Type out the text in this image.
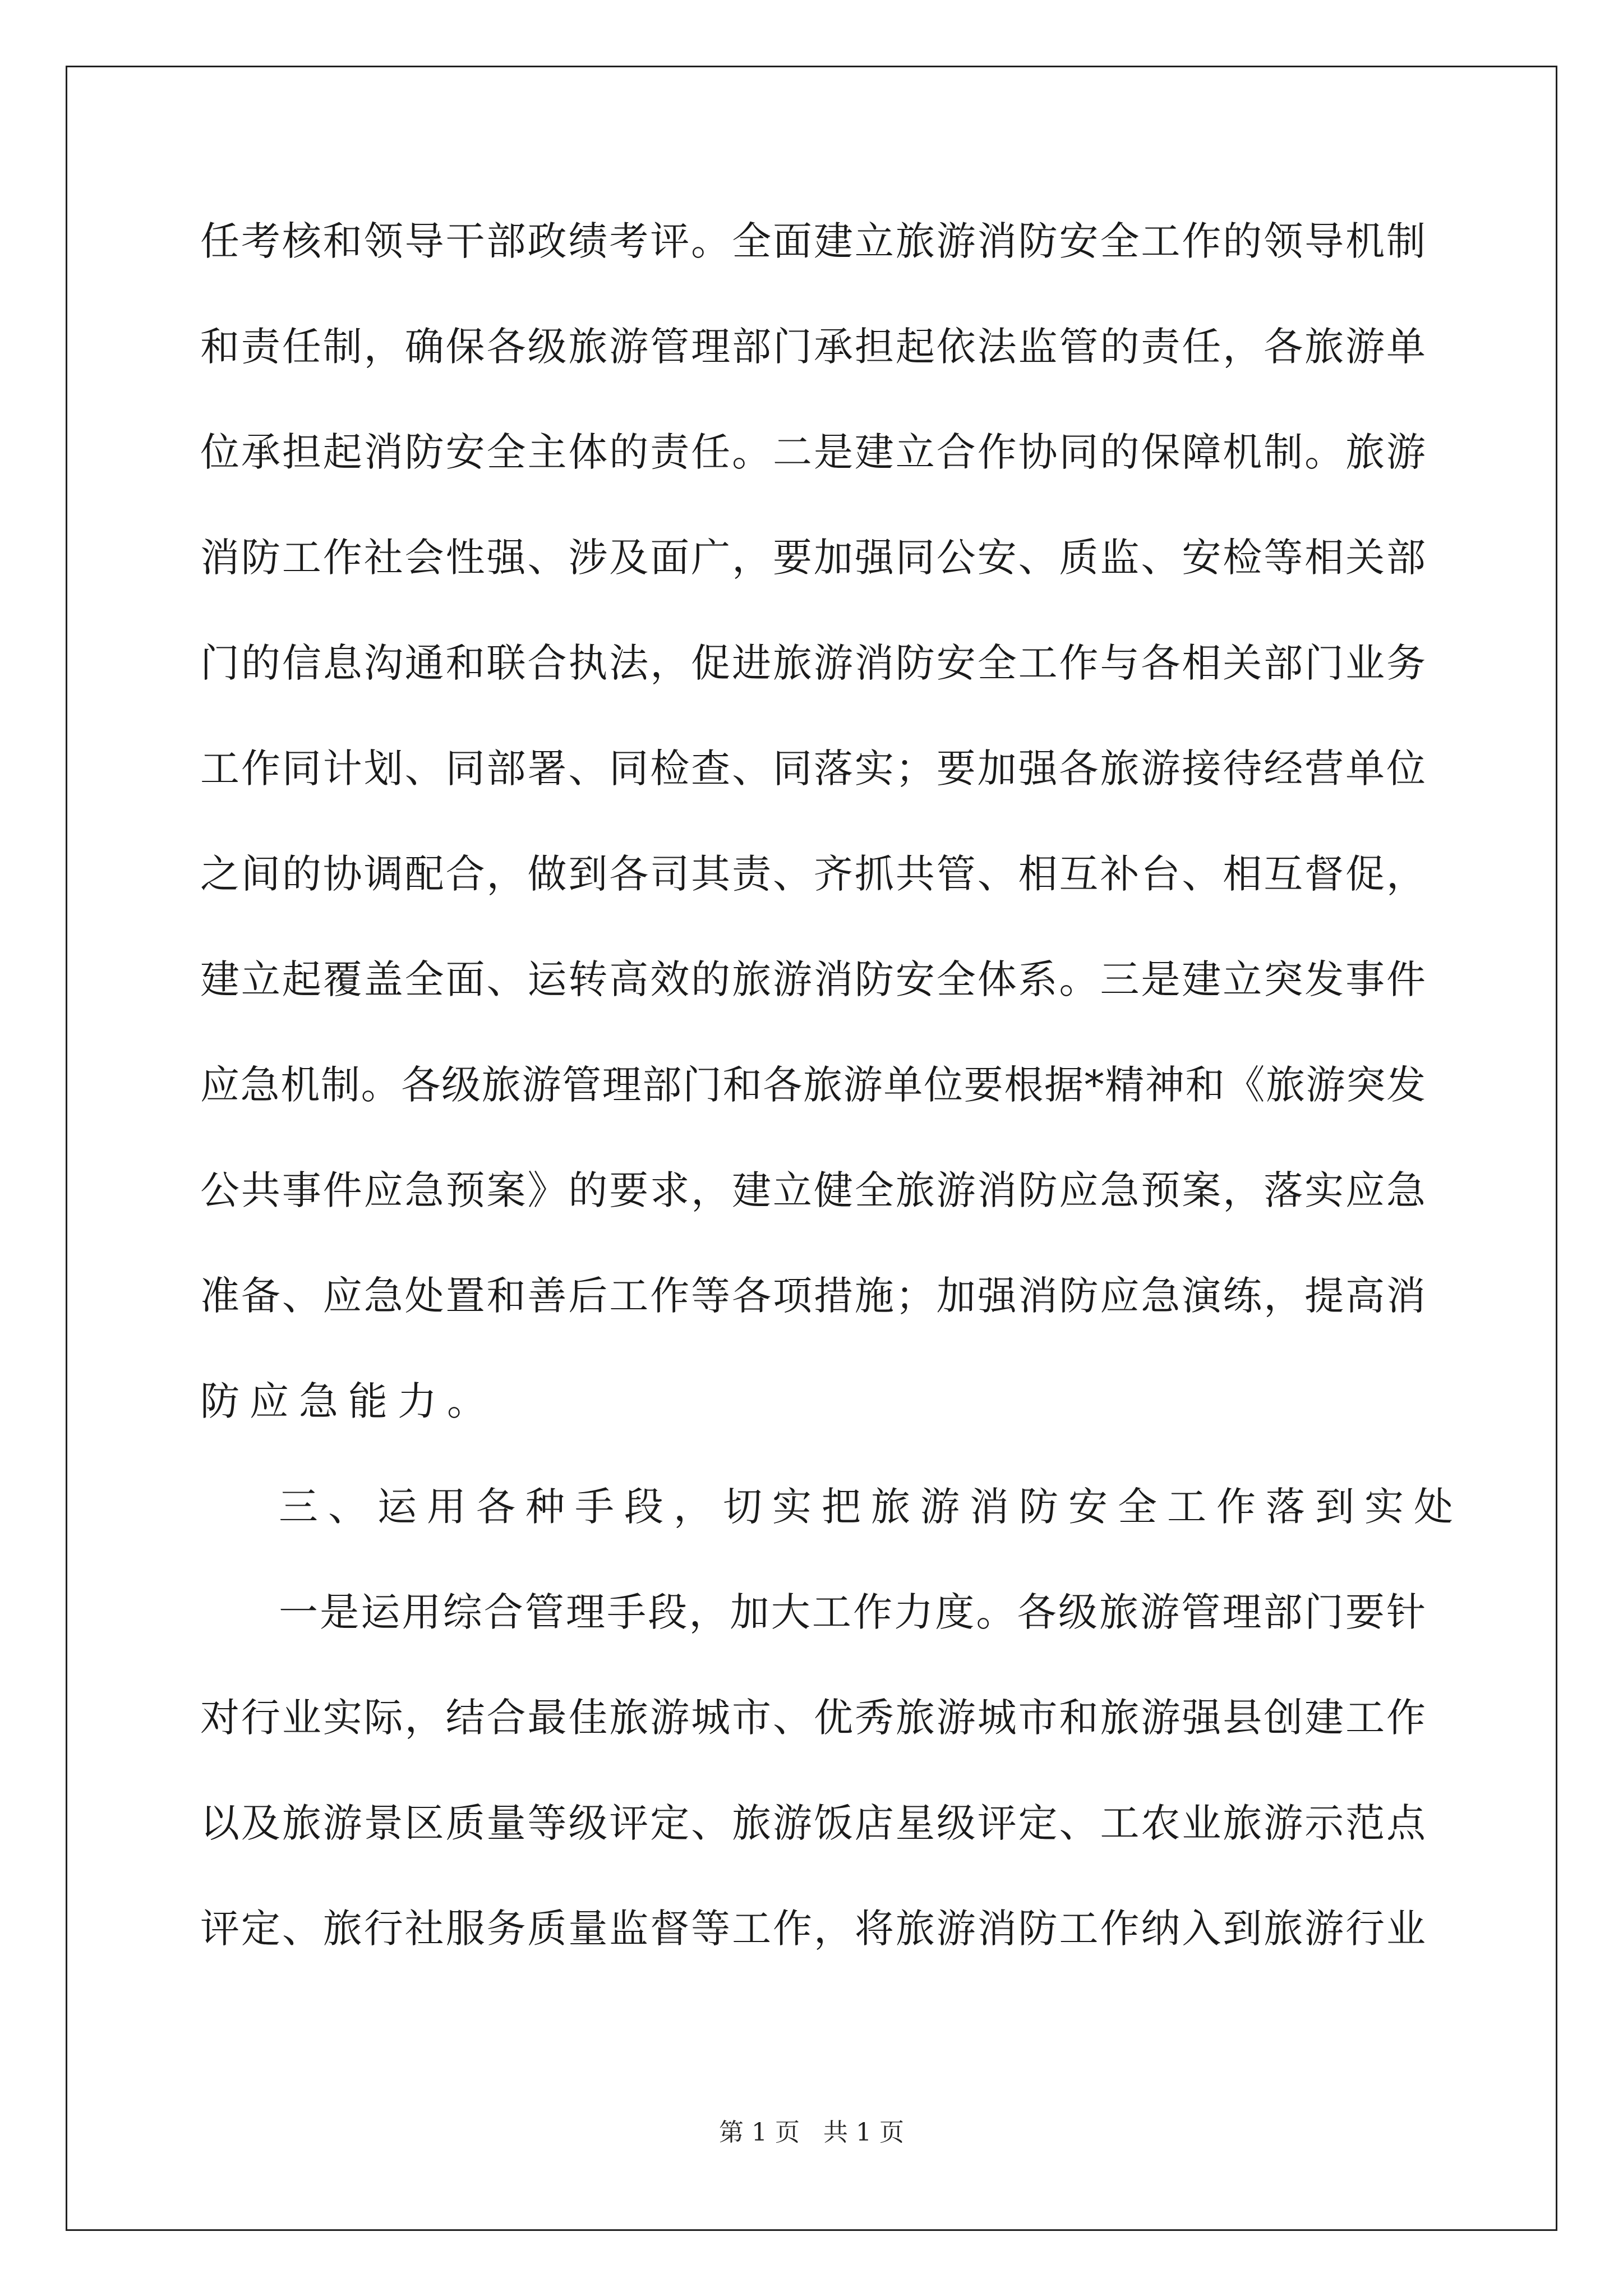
任考核和领导干部政绩考评。全面建立旅游消防安全工作的领导机制
和责任制，确保各级旅游管理部门承担起依法监管的责任，各旅游单
位承担起消防安全主体的责任。二是建立合作协同的保障机制。旅游
消防工作社会性强、涉及面广，要加强同公安、质监、安检等相关部
门的信息沟通和联合执法，促进旅游消防安全工作与各相关部门业务
工作同计划、同部署、同检查、同落实；要加强各旅游接待经营单位
之间的协调配合，做到各司其责、齐抓共管、相互补台、相互督促，
建立起覆盖全面、运转高效的旅游消防安全体系。三是建立突发事件
应急机制。各级旅游管理部门和各旅游单位要根据*精神和《旅游突发
公共事件应急预案》的要求，建立健全旅游消防应急预案，落实应急
准备、应急处置和善后工作等各项措施；加强消防应急演练，提高消
防应急能力。
三、运用各种手段，切实把旅游消防安全工作落到实处
一是运用综合管理手段，加大工作力度。各级旅游管理部门要针
对行业实际，结合最佳旅游城市、优秀旅游城市和旅游强县创建工作
以及旅游景区质量等级评定、旅游饭店星级评定、工农业旅游示范点
评定、旅行社服务质量监督等工作，将旅游消防工作纳入到旅游行业
第 1 页 共 1 页
